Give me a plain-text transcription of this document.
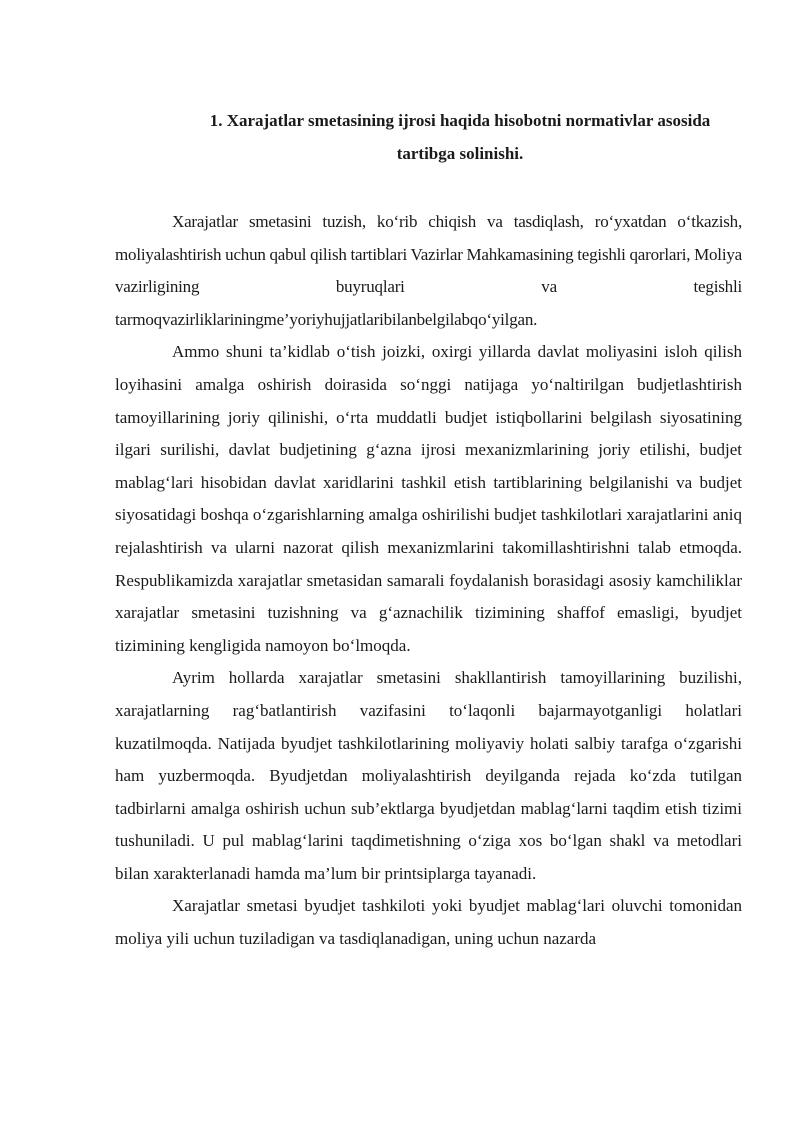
1. Xarajatlar smetasining ijrosi haqida hisobotni normativlar asosida
tartibga solinishi.

Xarajatlar smetasini tuzish, ko‘rib chiqish va tasdiqlash, ro‘yxatdan o‘tkazish, moliyalashtirish uchun qabul qilish tartiblari Vazirlar Mahkamasining tegishli qarorlari, Moliya vazirligining buyruqlari va tegishli tarmoqvazirliklariningme’yoriyhujjatlaribilanbelgilabqo‘yilgan.

Ammo shuni ta’kidlab o‘tish joizki, oxirgi yillarda davlat moliyasini isloh qilish loyihasini amalga oshirish doirasida so‘nggi natijaga yo‘naltirilgan budjetlashtirish tamoyillarining joriy qilinishi, o‘rta muddatli budjet istiqbollarini belgilash siyosatining ilgari surilishi, davlat budjetining g‘azna ijrosi mexanizmlarining joriy etilishi, budjet mablag‘lari hisobidan davlat xaridlarini tashkil etish tartiblarining belgilanishi va budjet siyosatidagi boshqa o‘zgarishlarning amalga oshirilishi budjet tashkilotlari xarajatlarini aniq rejalashtirish va ularni nazorat qilish mexanizmlarini takomillashtirishni talab etmoqda. Respublikamizda xarajatlar smetasidan samarali foydalanish borasidagi asosiy kamchiliklar xarajatlar smetasini tuzishning va g‘aznachilik tizimining shaffof emasligi, byudjet tizimining kengligida namoyon bo‘lmoqda.

Ayrim hollarda xarajatlar smetasini shakllantirish tamoyillarining buzilishi, xarajatlarning rag‘batlantirish vazifasini to‘laqonli bajarmayotganligi holatlari kuzatilmoqda. Natijada byudjet tashkilotlarining moliyaviy holati salbiy tarafga o‘zgarishi ham yuzbermoqda. Byudjetdan moliyalashtirish deyilganda rejada ko‘zda tutilgan tadbirlarni amalga oshirish uchun sub’ektlarga byudjetdan mablag‘larni taqdim etish tizimi tushuniladi. U pul mablag‘larini taqdimetishning o‘ziga xos bo‘lgan shakl va metodlari bilan xarakterlanadi hamda ma’lum bir printsiplarga tayanadi.

Xarajatlar smetasi byudjet tashkiloti yoki byudjet mablag‘lari oluvchi tomonidan moliya yili uchun tuziladigan va tasdiqlanadigan, uning uchun nazarda
